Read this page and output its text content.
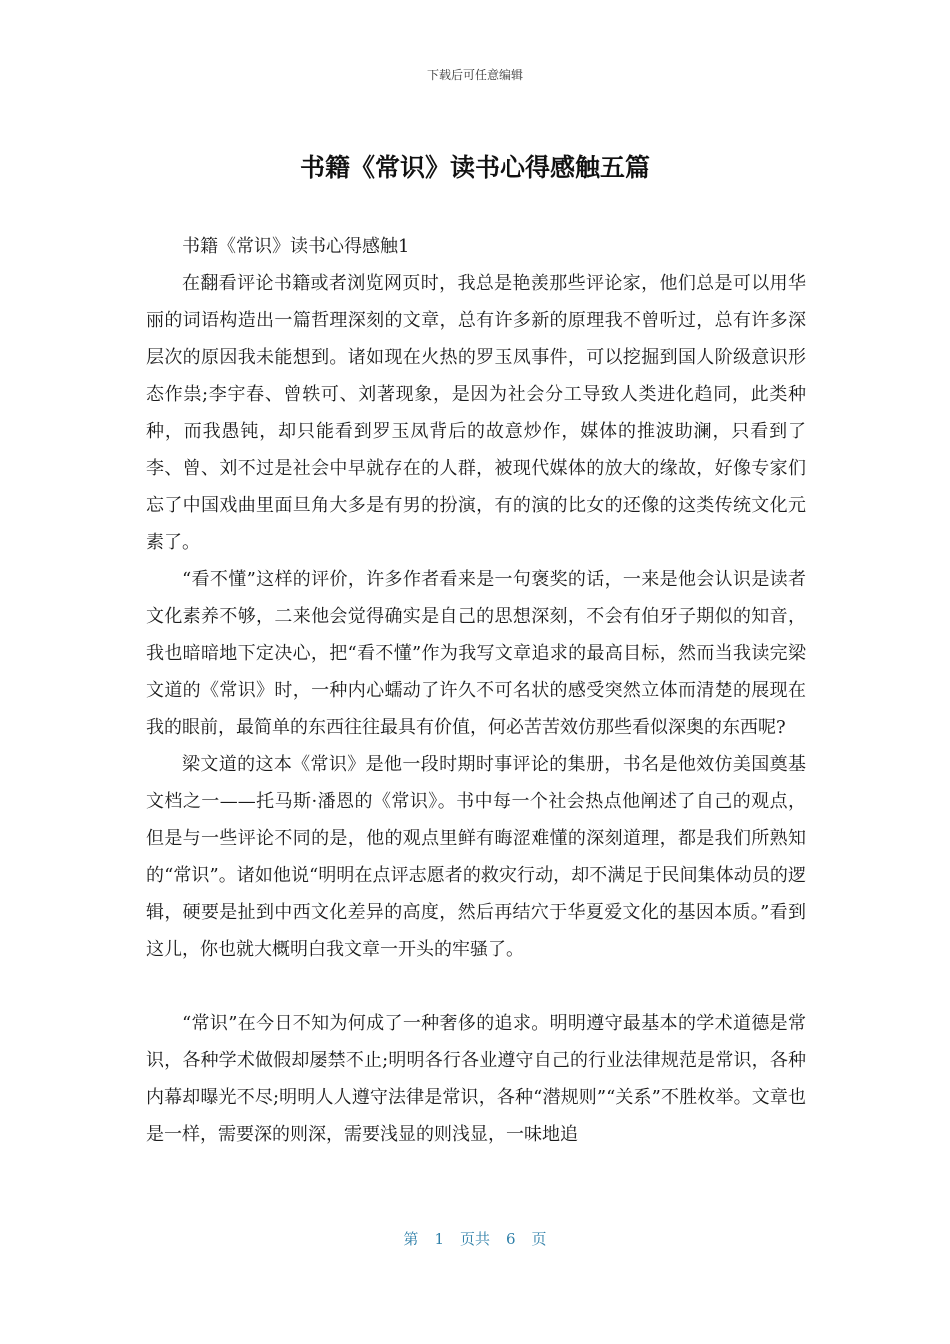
下载后可任意编辑
书籍《常识》读书心得感触五篇

书籍《常识》读书心得感触1

在翻看评论书籍或者浏览网页时，我总是艳羡那些评论家，他们总是可以用华丽的词语构造出一篇哲理深刻的文章，总有许多新的原理我不曾听过，总有许多深层次的原因我未能想到。诸如现在火热的罗玉凤事件，可以挖掘到国人阶级意识形态作祟;李宇春、曾轶可、刘著现象，是因为社会分工导致人类进化趋同，此类种种，而我愚钝，却只能看到罗玉凤背后的故意炒作，媒体的推波助澜，只看到了李、曾、刘不过是社会中早就存在的人群，被现代媒体的放大的缘故，好像专家们忘了中国戏曲里面旦角大多是有男的扮演，有的演的比女的还像的这类传统文化元素了。

“看不懂”这样的评价，许多作者看来是一句褒奖的话，一来是他会认识是读者文化素养不够，二来他会觉得确实是自己的思想深刻，不会有伯牙子期似的知音，我也暗暗地下定决心，把“看不懂”作为我写文章追求的最高目标，然而当我读完梁文道的《常识》时，一种内心蠕动了许久不可名状的感受突然立体而清楚的展现在我的眼前，最简单的东西往往最具有价值，何必苦苦效仿那些看似深奥的东西呢?

梁文道的这本《常识》是他一段时期时事评论的集册，书名是他效仿美国奠基文档之一——托马斯·潘恩的《常识》。书中每一个社会热点他阐述了自己的观点，但是与一些评论不同的是，他的观点里鲜有晦涩难懂的深刻道理，都是我们所熟知的“常识”。诸如他说“明明在点评志愿者的救灾行动，却不满足于民间集体动员的逻辑，硬要是扯到中西文化差异的高度，然后再结穴于华夏爱文化的基因本质。”看到这儿，你也就大概明白我文章一开头的牢骚了。

“常识”在今日不知为何成了一种奢侈的追求。明明遵守最基本的学术道德是常识，各种学术做假却屡禁不止;明明各行各业遵守自己的行业法律规范是常识，各种内幕却曝光不尽;明明人人遵守法律是常识，各种“潜规则”“关系”不胜枚举。文章也是一样，需要深的则深，需要浅显的则浅显，一味地追

第 1 页共 6 页
